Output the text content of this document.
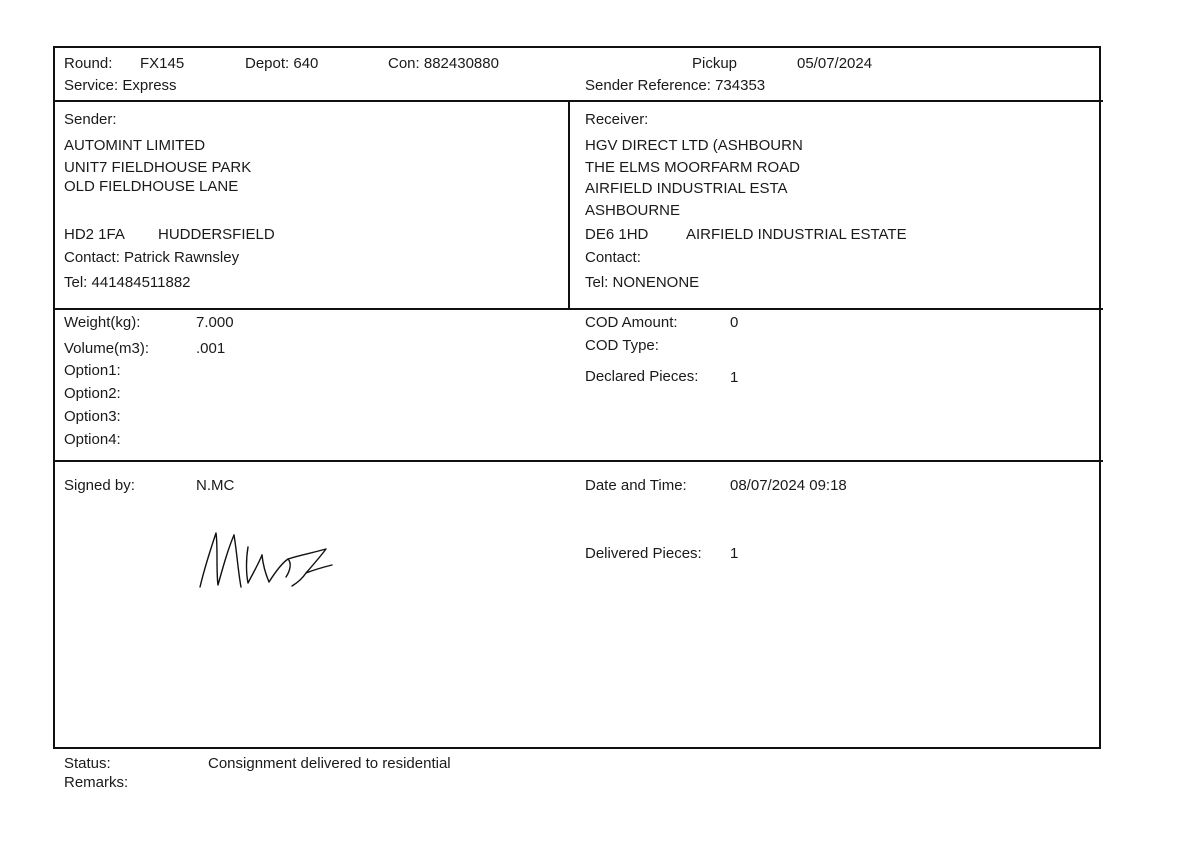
Round: FX145	Depot: 640	Con: 882430880	Pickup	05/07/2024
Service: Express	Sender Reference: 734353
Sender:
AUTOMINT LIMITED
UNIT7 FIELDHOUSE PARK
OLD FIELDHOUSE LANE
HD2 1FA HUDDERSFIELD
Contact: Patrick Rawnsley
Tel: 441484511882
Receiver:
HGV DIRECT LTD (ASHBOURN
THE ELMS MOORFARM ROAD
AIRFIELD INDUSTRIAL ESTA
ASHBOURNE
DE6 1HD	AIRFIELD INDUSTRIAL ESTATE
Contact:
Tel: NONENONE
Weight(kg):	7.000
Volume(m3):	.001
Option1:
Option2:
Option3:
Option4:
COD Amount:	0
COD Type:
Declared Pieces: 1
Signed by:	N.MC	Date and Time:	08/07/2024 09:18
Delivered Pieces: 1
Status:	Consignment delivered to residential
Remarks:
